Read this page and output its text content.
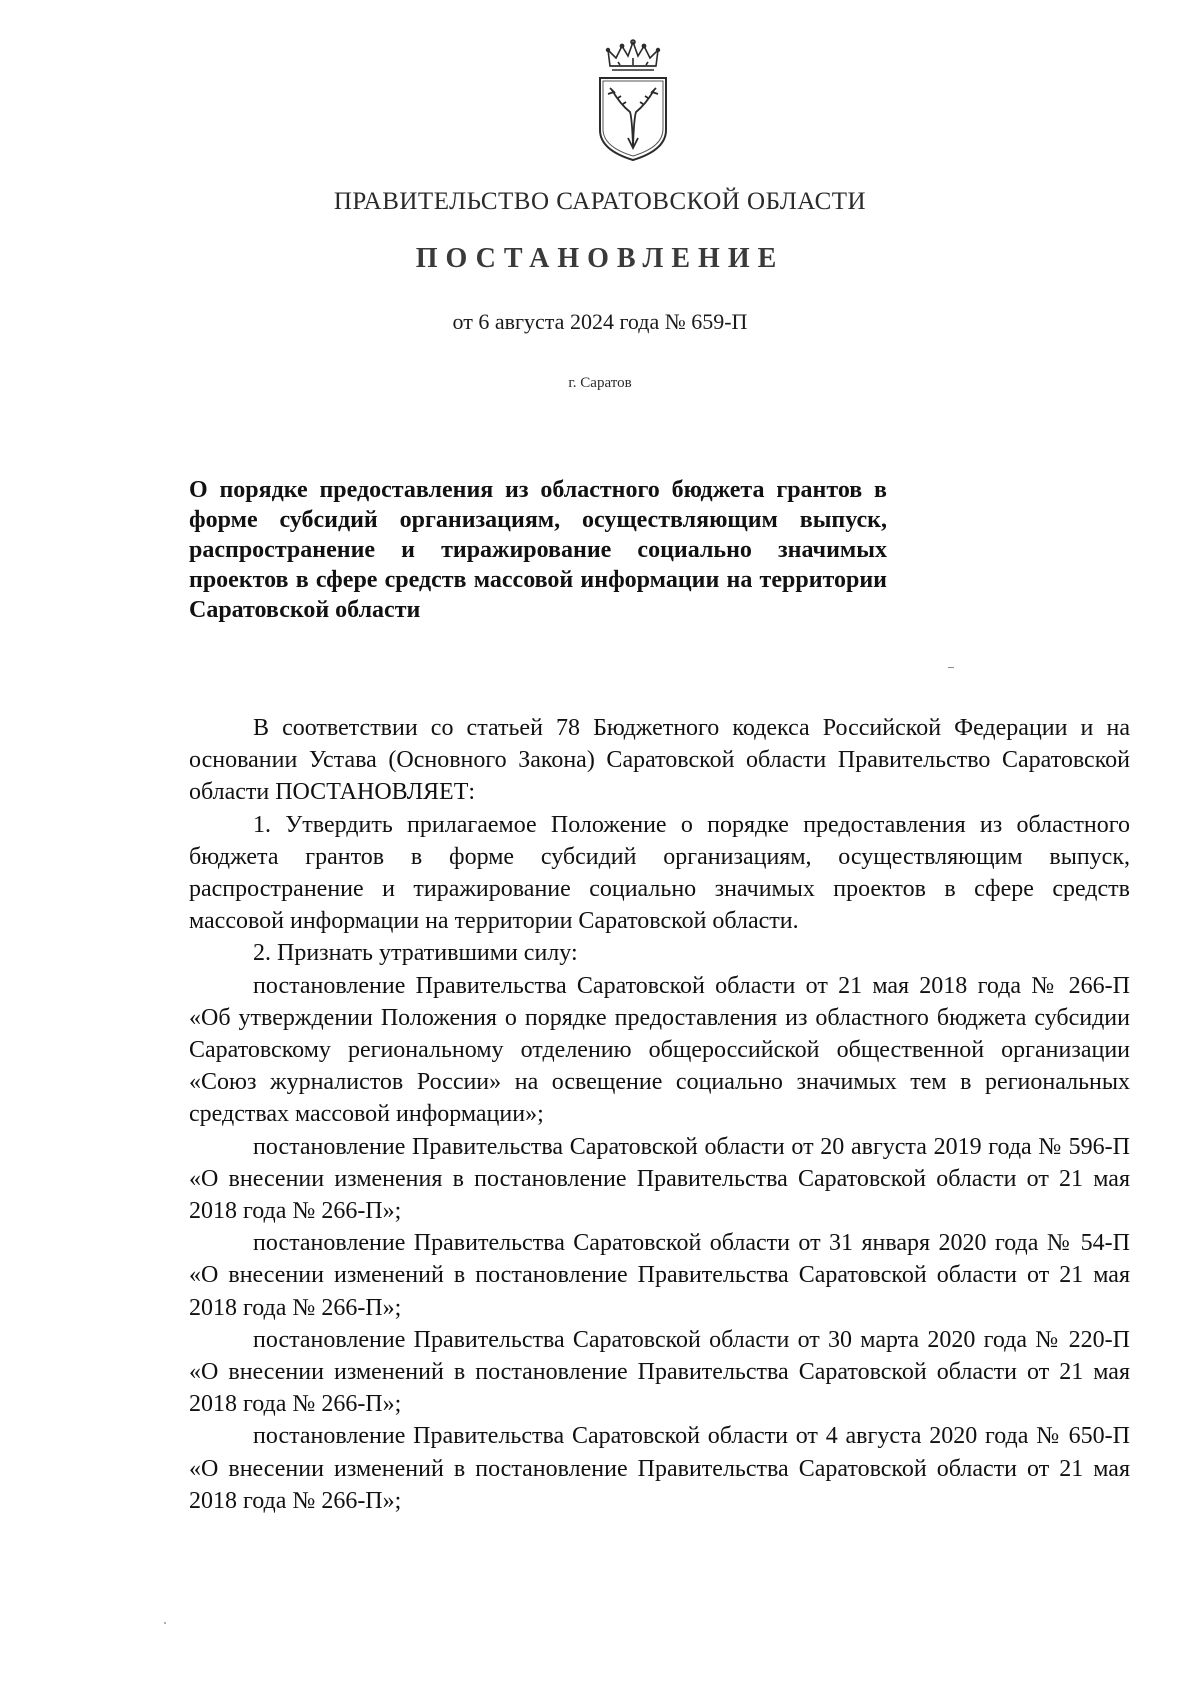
ПРАВИТЕЛЬСТВО САРАТОВСКОЙ ОБЛАСТИ
ПОСТАНОВЛЕНИЕ
от 6 августа 2024 года № 659-П
г. Саратов
О порядке предоставления из областного бюджета грантов в форме субсидий организациям, осуществляющим выпуск, распространение и тиражирование социально значимых проектов в сфере средств массовой информации на территории Саратовской области

В соответствии со статьей 78 Бюджетного кодекса Российской Федерации и на основании Устава (Основного Закона) Саратовской области Правительство Саратовской области ПОСТАНОВЛЯЕТ:

1. Утвердить прилагаемое Положение о порядке предоставления из областного бюджета грантов в форме субсидий организациям, осуществляющим выпуск, распространение и тиражирование социально значимых проектов в сфере средств массовой информации на территории Саратовской области.

2. Признать утратившими силу:

постановление Правительства Саратовской области от 21 мая 2018 года № 266-П «Об утверждении Положения о порядке предоставления из областного бюджета субсидии Саратовскому региональному отделению общероссийской общественной организации «Союз журналистов России» на освещение социально значимых тем в региональных средствах массовой информации»;

постановление Правительства Саратовской области от 20 августа 2019 года № 596-П «О внесении изменения в постановление Правительства Саратовской области от 21 мая 2018 года № 266-П»;

постановление Правительства Саратовской области от 31 января 2020 года № 54-П «О внесении изменений в постановление Правительства Саратовской области от 21 мая 2018 года № 266-П»;

постановление Правительства Саратовской области от 30 марта 2020 года № 220-П «О внесении изменений в постановление Правительства Саратовской области от 21 мая 2018 года № 266-П»;

постановление Правительства Саратовской области от 4 августа 2020 года № 650-П «О внесении изменений в постановление Правительства Саратовской области от 21 мая 2018 года № 266-П»;
